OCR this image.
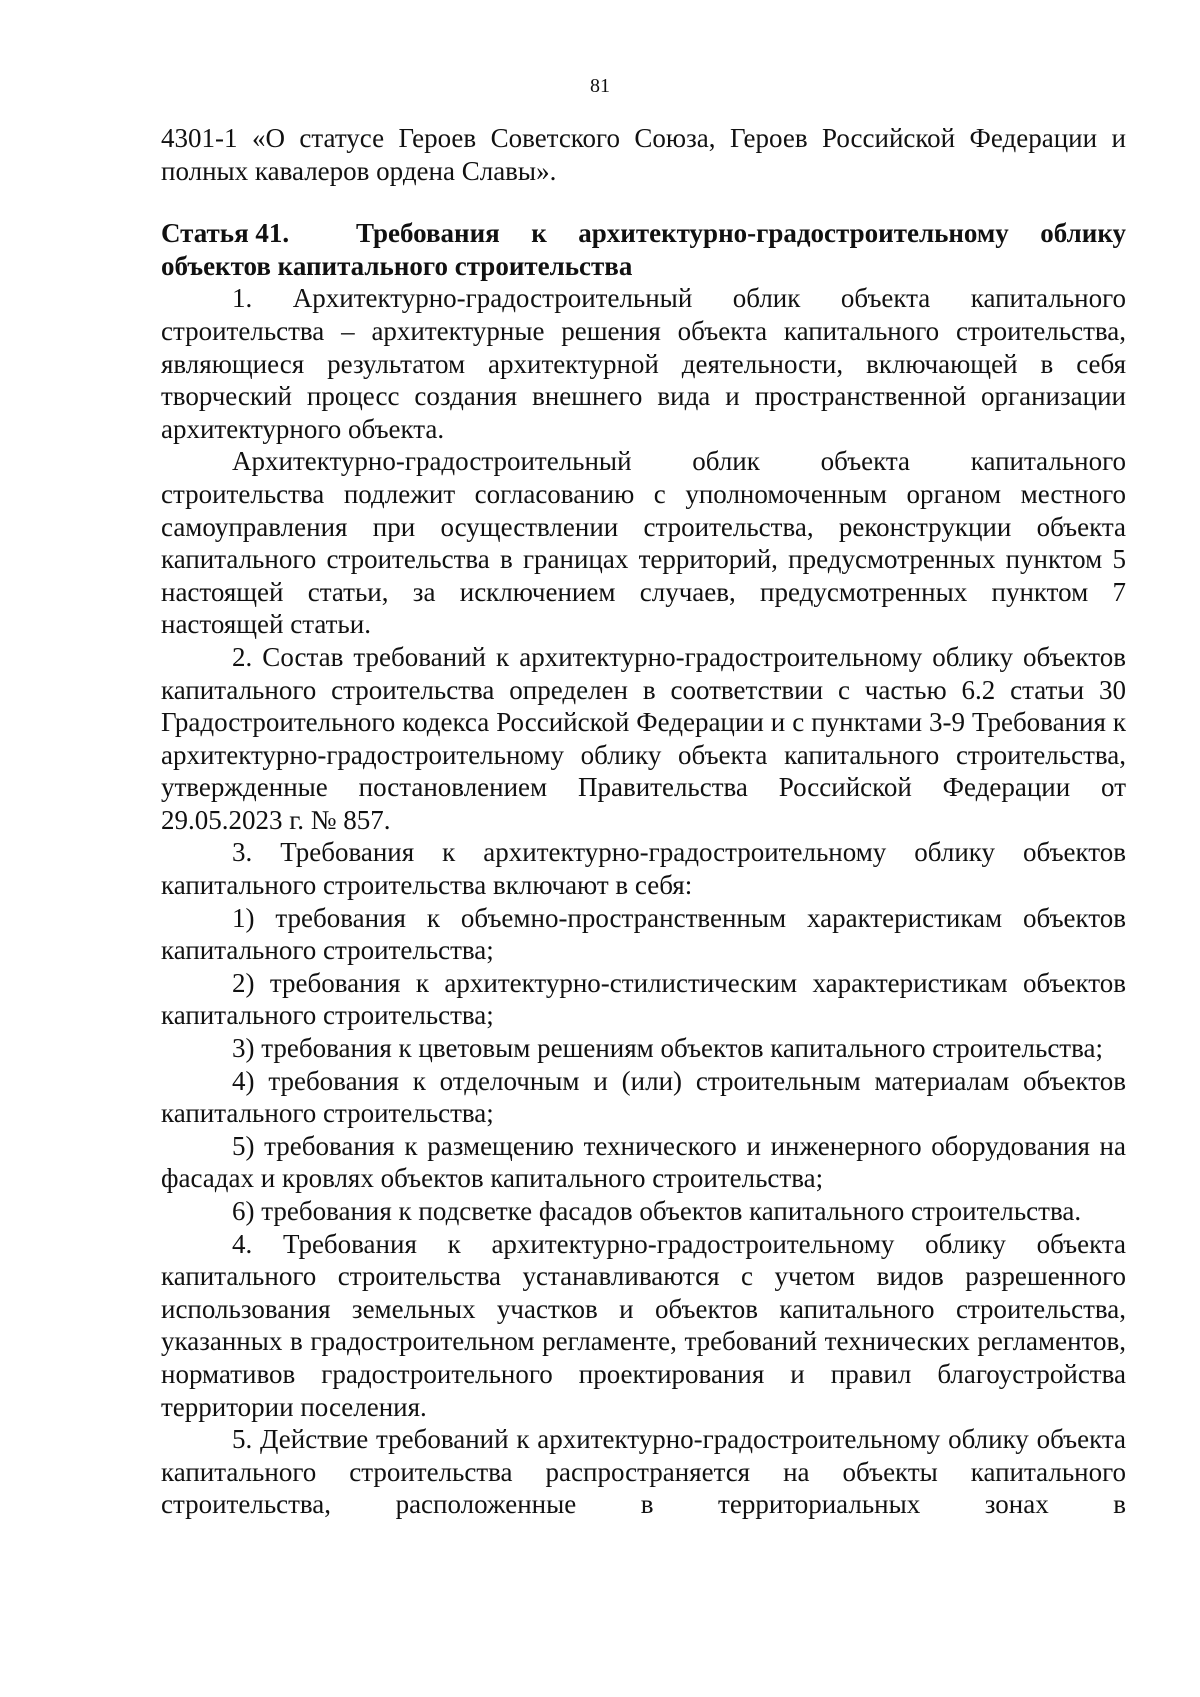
81

4301-1 «О статусе Героев Советского Союза, Героев Российской Федерации и полных кавалеров ордена Славы».

Статья 41. Требования к архитектурно-градостроительному облику объектов капитального строительства

1. Архитектурно-градостроительный облик объекта капитального строительства – архитектурные решения объекта капитального строительства, являющиеся результатом архитектурной деятельности, включающей в себя творческий процесс создания внешнего вида и пространственной организации архитектурного объекта.

Архитектурно-градостроительный облик объекта капитального строительства подлежит согласованию с уполномоченным органом местного самоуправления при осуществлении строительства, реконструкции объекта капитального строительства в границах территорий, предусмотренных пунктом 5 настоящей статьи, за исключением случаев, предусмотренных пунктом 7 настоящей статьи.

2. Состав требований к архитектурно-градостроительному облику объектов капитального строительства определен в соответствии с частью 6.2 статьи 30 Градостроительного кодекса Российской Федерации и с пунктами 3-9 Требования к архитектурно-градостроительному облику объекта капитального строительства, утвержденные постановлением Правительства Российской Федерации от 29.05.2023 г. № 857.

3. Требования к архитектурно-градостроительному облику объектов капитального строительства включают в себя:

1) требования к объемно-пространственным характеристикам объектов капитального строительства;

2) требования к архитектурно-стилистическим характеристикам объектов капитального строительства;

3) требования к цветовым решениям объектов капитального строительства;

4) требования к отделочным и (или) строительным материалам объектов капитального строительства;

5) требования к размещению технического и инженерного оборудования на фасадах и кровлях объектов капитального строительства;

6) требования к подсветке фасадов объектов капитального строительства.

4. Требования к архитектурно-градостроительному облику объекта капитального строительства устанавливаются с учетом видов разрешенного использования земельных участков и объектов капитального строительства, указанных в градостроительном регламенте, требований технических регламентов, нормативов градостроительного проектирования и правил благоустройства территории поселения.

5. Действие требований к архитектурно-градостроительному облику объекта капитального строительства распространяется на объекты капитального строительства, расположенные в территориальных зонах в
